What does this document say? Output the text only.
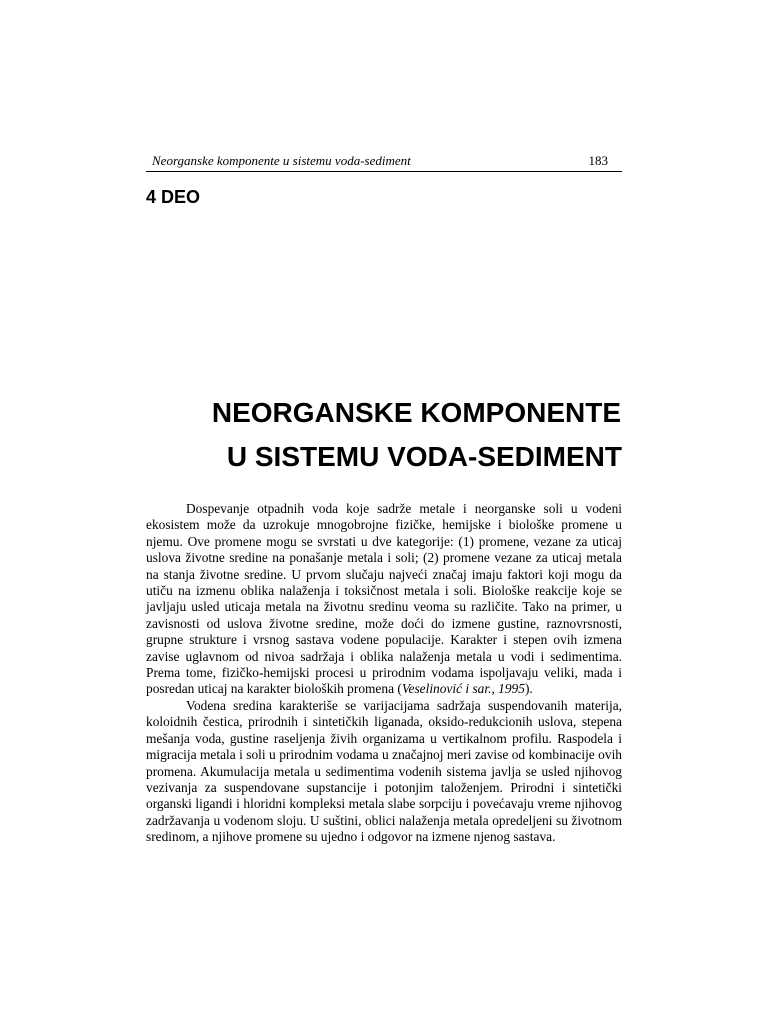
Neorganske komponente u sistemu voda-sediment	183
4 DEO
NEORGANSKE KOMPONENTE
U SISTEMU VODA-SEDIMENT

Dospevanje otpadnih voda koje sadrže metale i neorganske soli u vodeni ekosistem može da uzrokuje mnogobrojne fizičke, hemijske i biološke promene u njemu. Ove promene mogu se svrstati u dve kategorije: (1) promene, vezane za uticaj uslova životne sredine na ponašanje metala i soli; (2) promene vezane za uticaj metala na stanja životne sredine. U prvom slučaju najveći značaj imaju faktori koji mogu da utiču na izmenu oblika nalaženja i toksičnost metala i soli. Biološke reakcije koje se javljaju usled uticaja metala na životnu sredinu veoma su različite. Tako na primer, u zavisnosti od uslova životne sredine, može doći do izmene gustine, raznovrsnosti, grupne strukture i vrsnog sastava vodene populacije. Karakter i stepen ovih izmena zavise uglavnom od nivoa sadržaja i oblika nalaženja metala u vodi i sedimentima. Prema tome, fizičko-hemijski procesi u prirodnim vodama ispoljavaju veliki, mada i posredan uticaj na karakter bioloških promena (Veselinović i sar., 1995).

Vodena sredina karakteriše se varijacijama sadržaja suspendovanih materija, koloidnih čestica, prirodnih i sintetičkih liganada, oksido-redukcionih uslova, stepena mešanja voda, gustine raseljenja živih organizama u vertikalnom profilu. Raspodela i migracija metala i soli u prirodnim vodama u značajnoj meri zavise od kombinacije ovih promena. Akumulacija metala u sedimentima vodenih sistema javlja se usled njihovog vezivanja za suspendovane supstancije i potonjim taloženjem. Prirodni i sintetički organski ligandi i hloridni kompleksi metala slabe sorpciju i povećavaju vreme njihovog zadržavanja u vodenom sloju. U suštini, oblici nalaženja metala opredeljeni su životnom sredinom, a njihove promene su ujedno i odgovor na izmene njenog sastava.
